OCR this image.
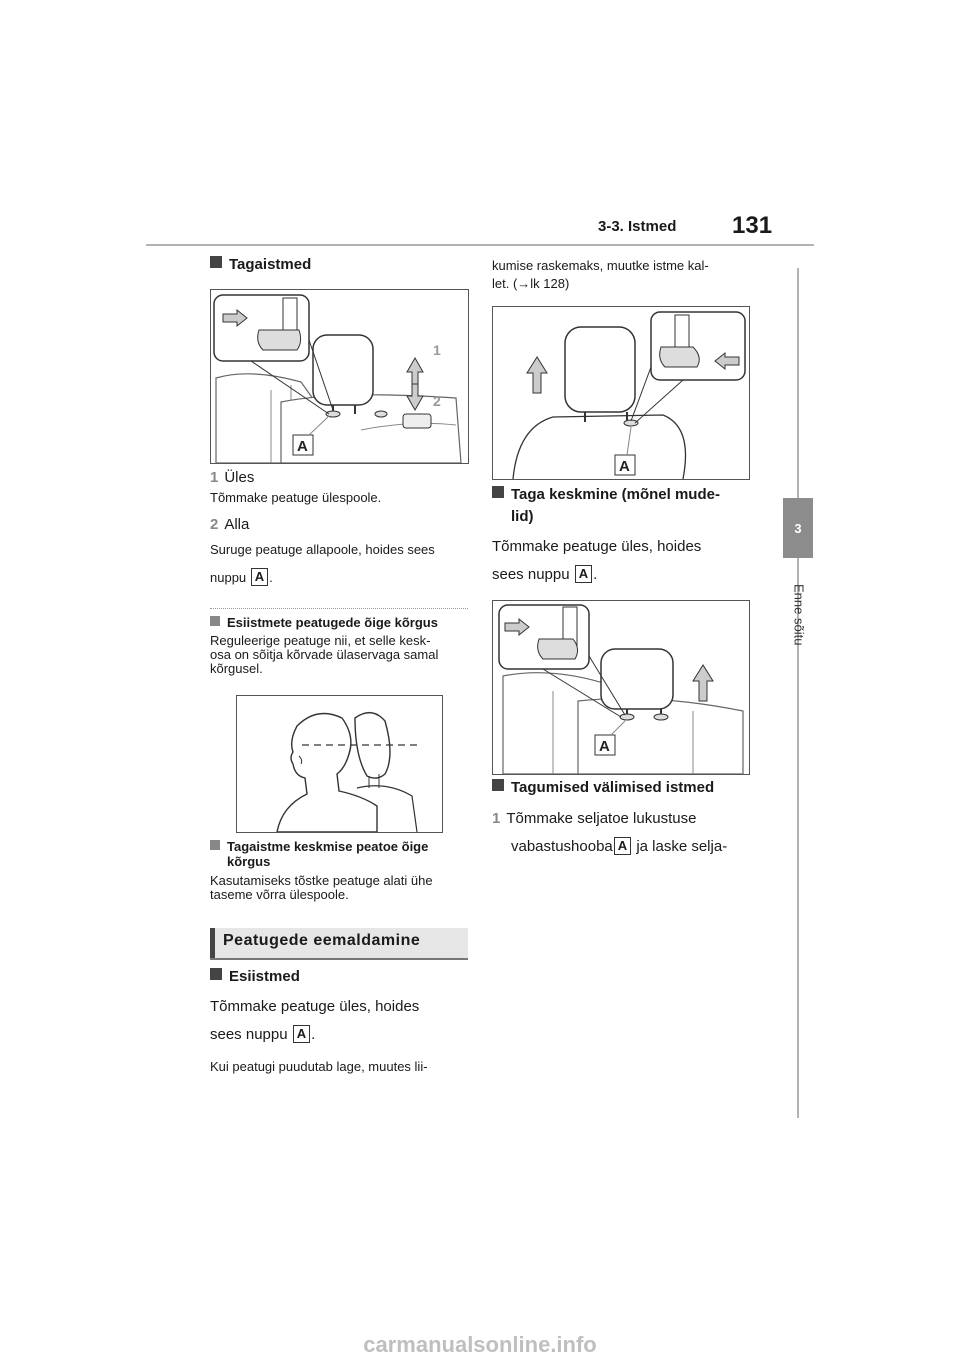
3-3. Istmed 131
3
Enne sõitu
Tagaistmed
1
2
A
1 Üles
Tõmmake peatuge ülespoole.
2 Alla
Suruge peatuge allapoole, hoides sees
nuppu A .
Esiistmete peatugede õige kõrgus
Reguleerige peatuge nii, et selle kesk-
osa on sõitja kõrvade ülaservaga samal
kõrgusel.
Tagaistme keskmise peatoe õige
kõrgus
Kasutamiseks tõstke peatuge alati ühe
taseme võrra ülespoole.
Peatugede eemaldamine
Esiistmed
Tõmmake peatuge üles, hoides
sees nuppu A .
Kui peatugi puudutab lage, muutes lii-
kumise raskemaks, muutke istme kal-
let. (→lk 128)
A
Taga keskmine (mõnel mude-
lid)
Tõmmake peatuge üles, hoides
sees nuppu A .
A
Tagumised välimised istmed
1 Tõmmake seljatoe lukustuse
vabastushooba A ja laske selja-
carmanualsonline.info
